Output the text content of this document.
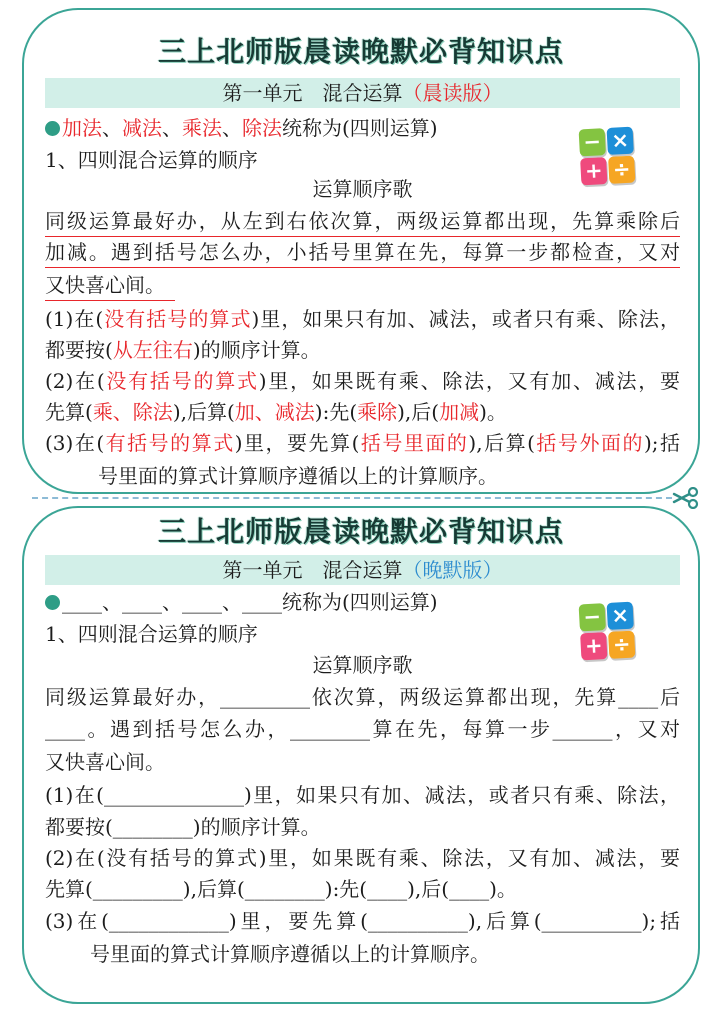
三上北师版晨读晚默必背知识点
第一单元　混合运算（晨读版）
加法、减法、乘法、除法统称为(四则运算)
− ×
+ ÷
1、四则混合运算的顺序
运算顺序歌
同级运算最好办，从左到右依次算，两级运算都出现，先算乘除后
加减。遇到括号怎么办，小括号里算在先，每算一步都检查，又对
又快喜心间。
(1)在(没有括号的算式)里，如果只有加、减法，或者只有乘、除法，
都要按(从左往右)的顺序计算。
(2)在(没有括号的算式)里，如果既有乘、除法，又有加、减法，要
先算(乘、除法),后算(加、减法):先(乘除),后(加减)。
(3)在(有括号的算式)里，要先算(括号里面的),后算(括号外面的);括
号里面的算式计算顺序遵循以上的计算顺序。
三上北师版晨读晚默必背知识点
第一单元　混合运算（晚默版）
____、____、____、____统称为(四则运算)
− ×
+ ÷
1、四则混合运算的顺序
运算顺序歌
同级运算最好办，_________依次算，两级运算都出现，先算____后
____。遇到括号怎么办，________算在先，每算一步______，又对
又快喜心间。
(1)在(______________)里，如果只有加、减法，或者只有乘、除法，
都要按(________)的顺序计算。
(2)在(没有括号的算式)里，如果既有乘、除法，又有加、减法，要
先算(_________),后算(________):先(____),后(____)。
(3)在(____________)里，要先算(__________),后算(__________);括
号里面的算式计算顺序遵循以上的计算顺序。
